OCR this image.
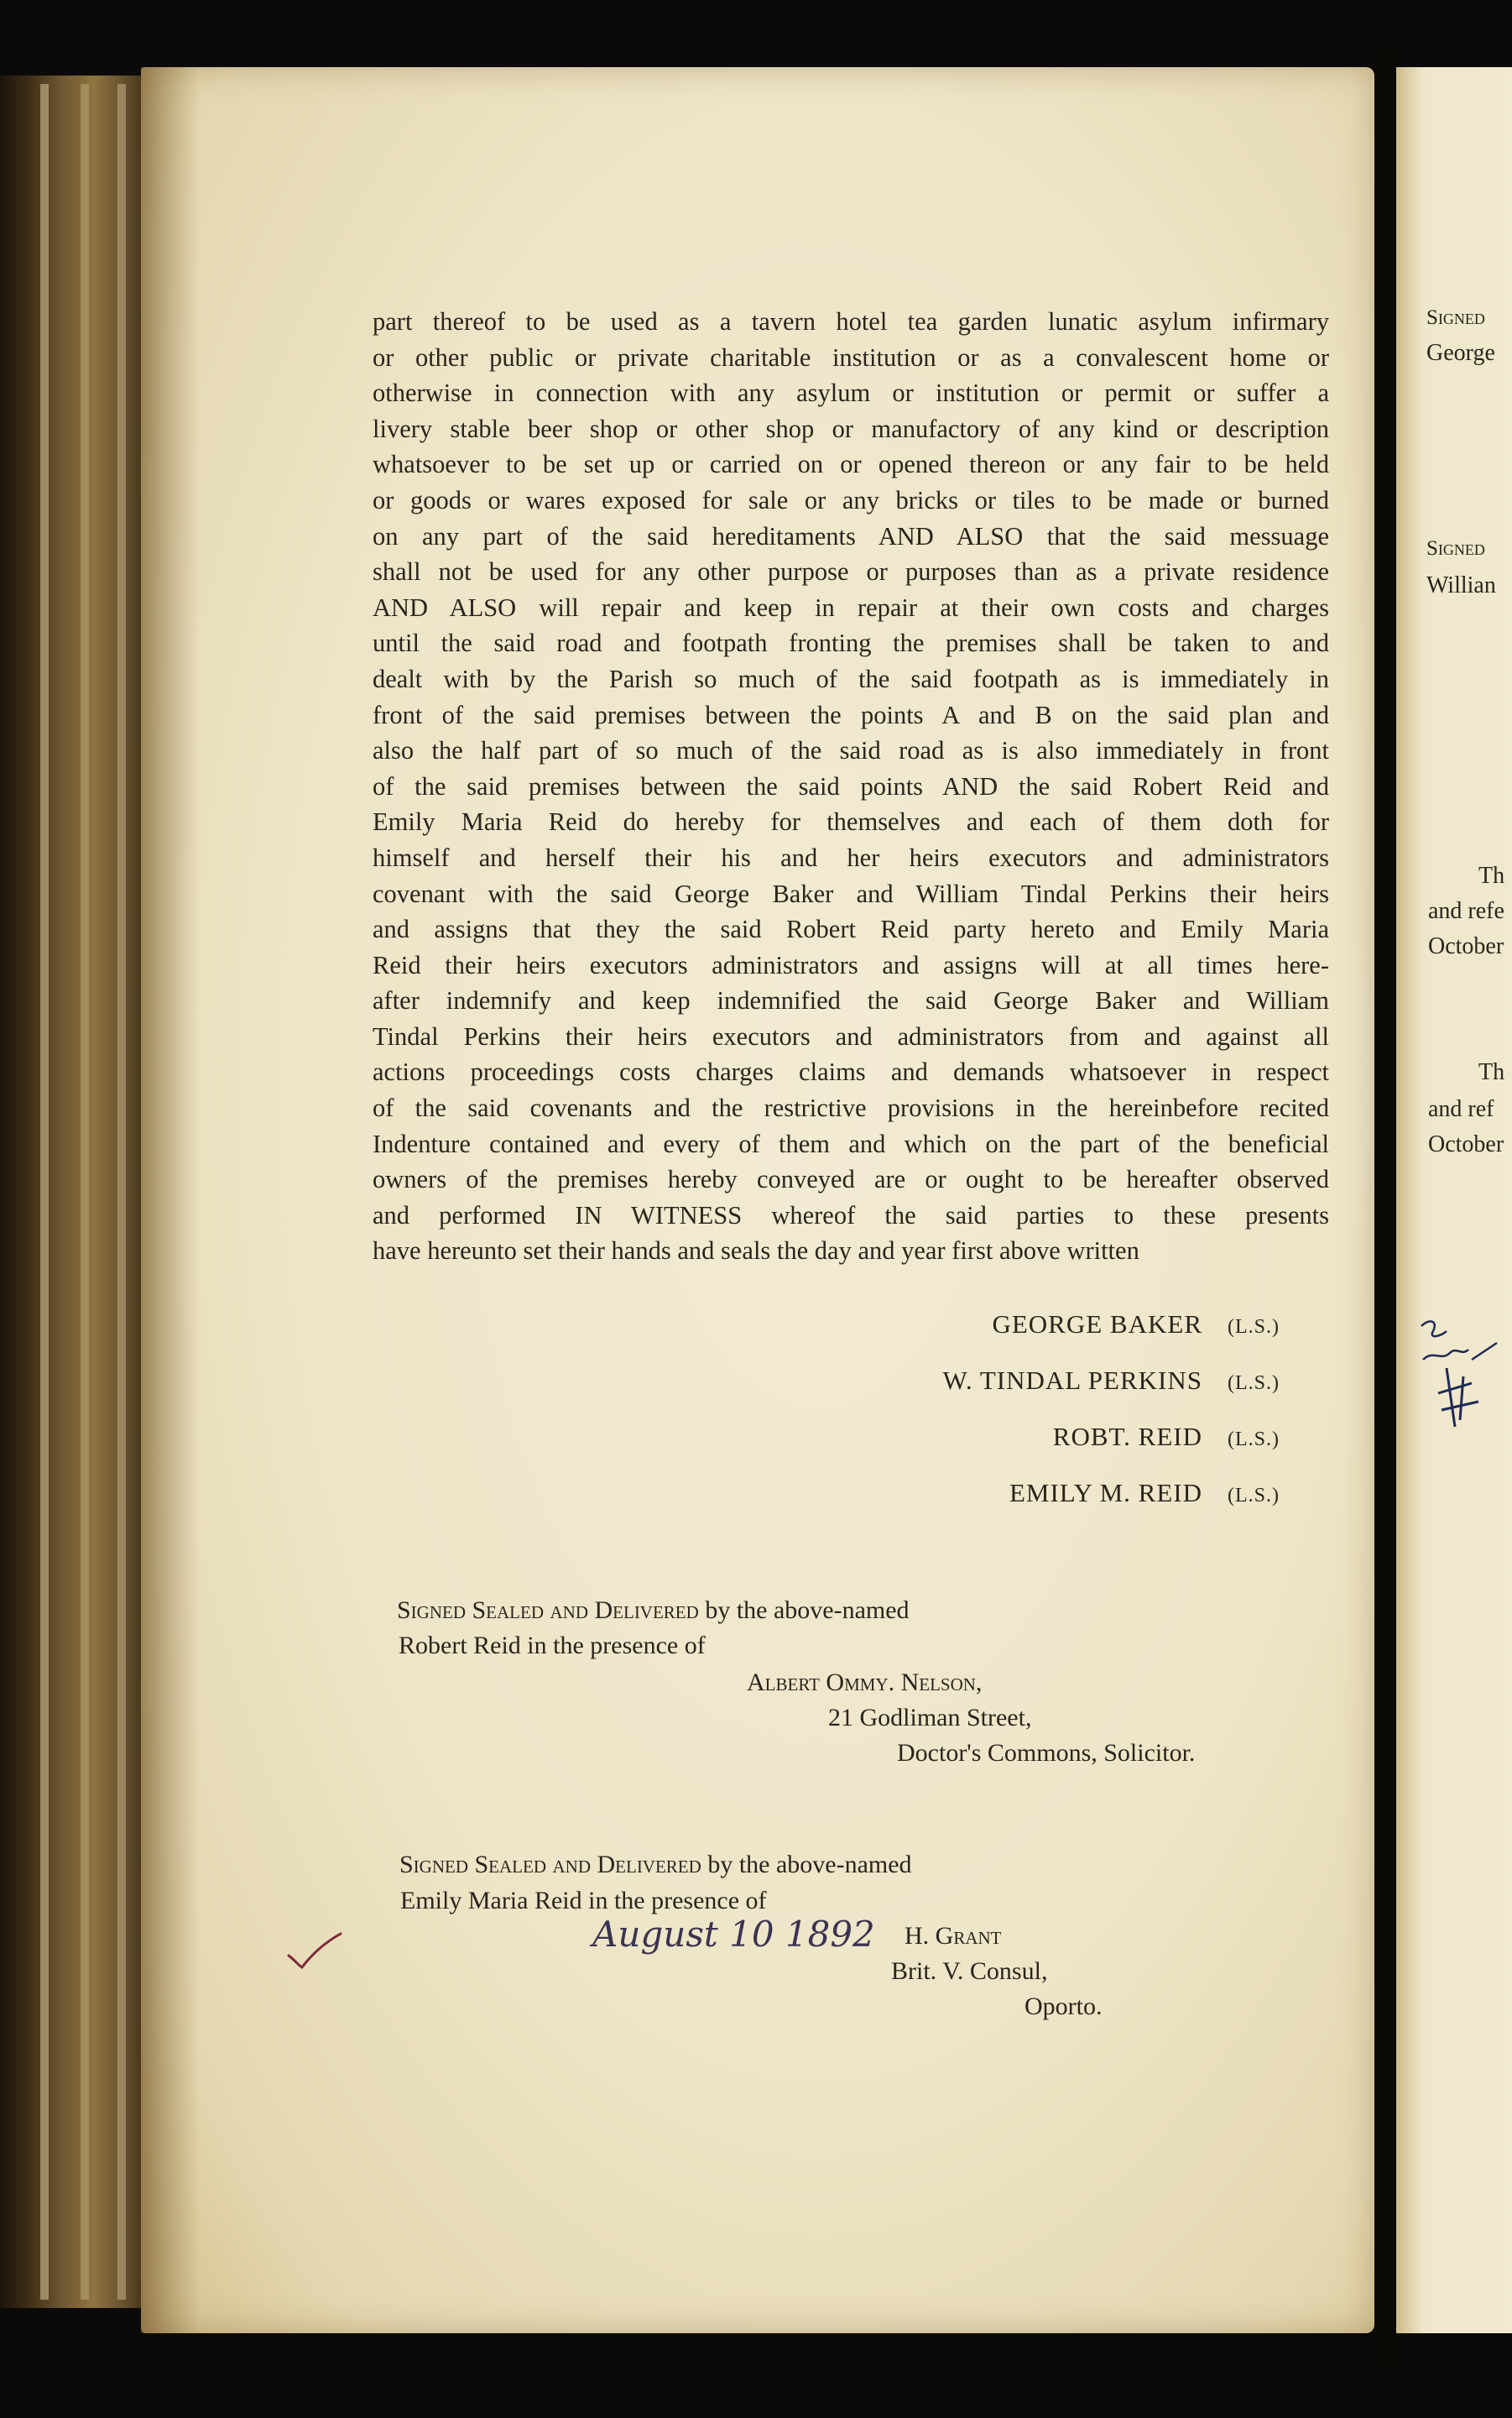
part thereof to be used as a tavern hotel tea garden lunatic asylum infirmary
or other public or private charitable institution or as a convalescent home or
otherwise in connection with any asylum or institution or permit or suffer a
livery stable beer shop or other shop or manufactory of any kind or description
whatsoever to be set up or carried on or opened thereon or any fair to be held
or goods or wares exposed for sale or any bricks or tiles to be made or burned
on any part of the said hereditaments AND ALSO that the said messuage
shall not be used for any other purpose or purposes than as a private residence
AND ALSO will repair and keep in repair at their own costs and charges
until the said road and footpath fronting the premises shall be taken to and
dealt with by the Parish so much of the said footpath as is immediately in
front of the said premises between the points A and B on the said plan and
also the half part of so much of the said road as is also immediately in front
of the said premises between the said points AND the said Robert Reid and
Emily Maria Reid do hereby for themselves and each of them doth for
himself and herself their his and her heirs executors and administrators
covenant with the said George Baker and William Tindal Perkins their heirs
and assigns that they the said Robert Reid party hereto and Emily Maria
Reid their heirs executors administrators and assigns will at all times here-
after indemnify and keep indemnified the said George Baker and William
Tindal Perkins their heirs executors and administrators from and against all
actions proceedings costs charges claims and demands whatsoever in respect
of the said covenants and the restrictive provisions in the hereinbefore recited
Indenture contained and every of them and which on the part of the beneficial
owners of the premises hereby conveyed are or ought to be hereafter observed
and performed IN WITNESS whereof the said parties to these presents
have hereunto set their hands and seals the day and year first above written
GEORGE BAKER (L.S.)
W. TINDAL PERKINS (L.S.)
ROBT. REID (L.S.)
EMILY M. REID (L.S.)
Signed Sealed and Delivered by the above-named
Robert Reid in the presence of
Albert Ommy. Nelson,
21 Godliman Street,
Doctor's Commons, Solicitor.
Signed Sealed and Delivered by the above-named
Emily Maria Reid in the presence of
August 10 1892 H. Grant
Brit. V. Consul,
Oporto.
Signed
George
Signed
Willian
Th
and refe
October
Th
and ref
October
